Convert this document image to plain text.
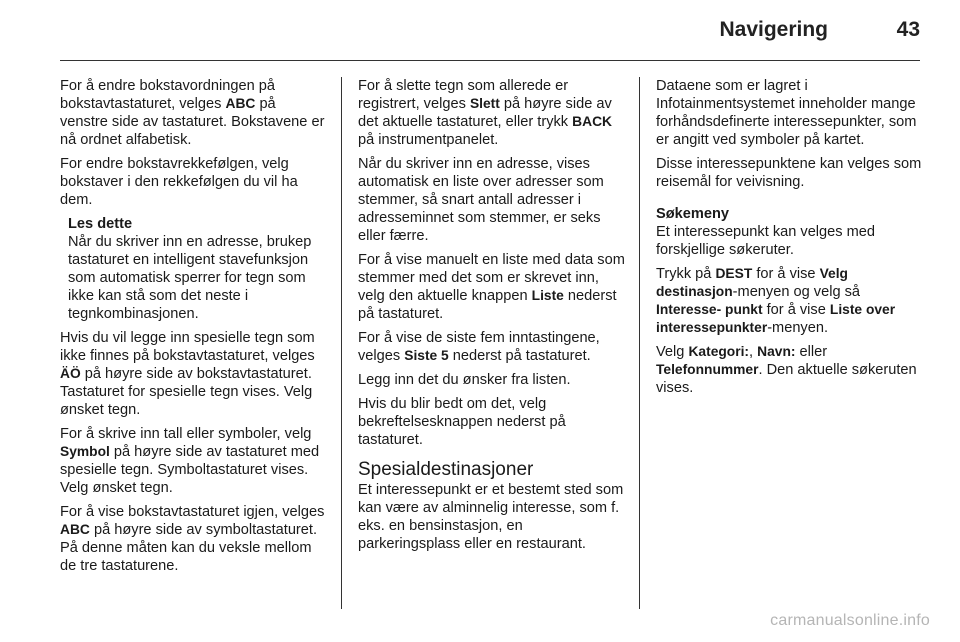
Navigering	43

For å endre bokstavordningen på bokstavtastaturet, velges ABC på venstre side av tastaturet. Bokstavene er nå ordnet alfabetisk.

For endre bokstavrekkefølgen, velg bokstaver i den rekkefølgen du vil ha dem.

Les dette
Når du skriver inn en adresse, brukeр tastaturet en intelligent stavefunksjon som automatisk sperrer for tegn som ikke kan stå som det neste i tegnkombinasjonen.

Hvis du vil legge inn spesielle tegn som ikke finnes på bokstavtastaturet, velges ÄÖ på høyre side av bokstavtastaturet. Tastaturet for spesielle tegn vises. Velg ønsket tegn.

For å skrive inn tall eller symboler, velg Symbol på høyre side av tastaturet med spesielle tegn. Symboltastaturet vises. Velg ønsket tegn.

For å vise bokstavtastaturet igjen, velges ABC på høyre side av symboltastaturet. På denne måten kan du veksle mellom de tre tastaturene.

For å slette tegn som allerede er registrert, velges Slett på høyre side av det aktuelle tastaturet, eller trykk BACK på instrumentpanelet.

Når du skriver inn en adresse, vises automatisk en liste over adresser som stemmer, så snart antall adresser i adresseminnet som stemmer, er seks eller færre.

For å vise manuelt en liste med data som stemmer med det som er skrevet inn, velg den aktuelle knappen Liste nederst på tastaturet.

For å vise de siste fem inntastingene, velges Siste 5 nederst på tastaturet.

Legg inn det du ønsker fra listen.

Hvis du blir bedt om det, velg bekreftelsesknappen nederst på tastaturet.

Spesialdestinasjoner

Et interessepunkt er et bestemt sted som kan være av alminnelig interesse, som f. eks. en bensinstasjon, en parkeringsplass eller en restaurant.

Dataene som er lagret i Infotainmentsystemet inneholder mange forhåndsdefinerte interessepunkter, som er angitt ved symboler på kartet.

Disse interessepunktene kan velges som reisemål for veivisning.

Søkemeny

Et interessepunkt kan velges med forskjellige søkeruter.

Trykk på DEST for å vise Velg destinasjon-menyen og velg så Interesse- punkt for å vise Liste over interessepunkter-menyen.

Velg Kategori:, Navn: eller Telefonnummer. Den aktuelle søkeruten vises.

carmanualsonline.info
